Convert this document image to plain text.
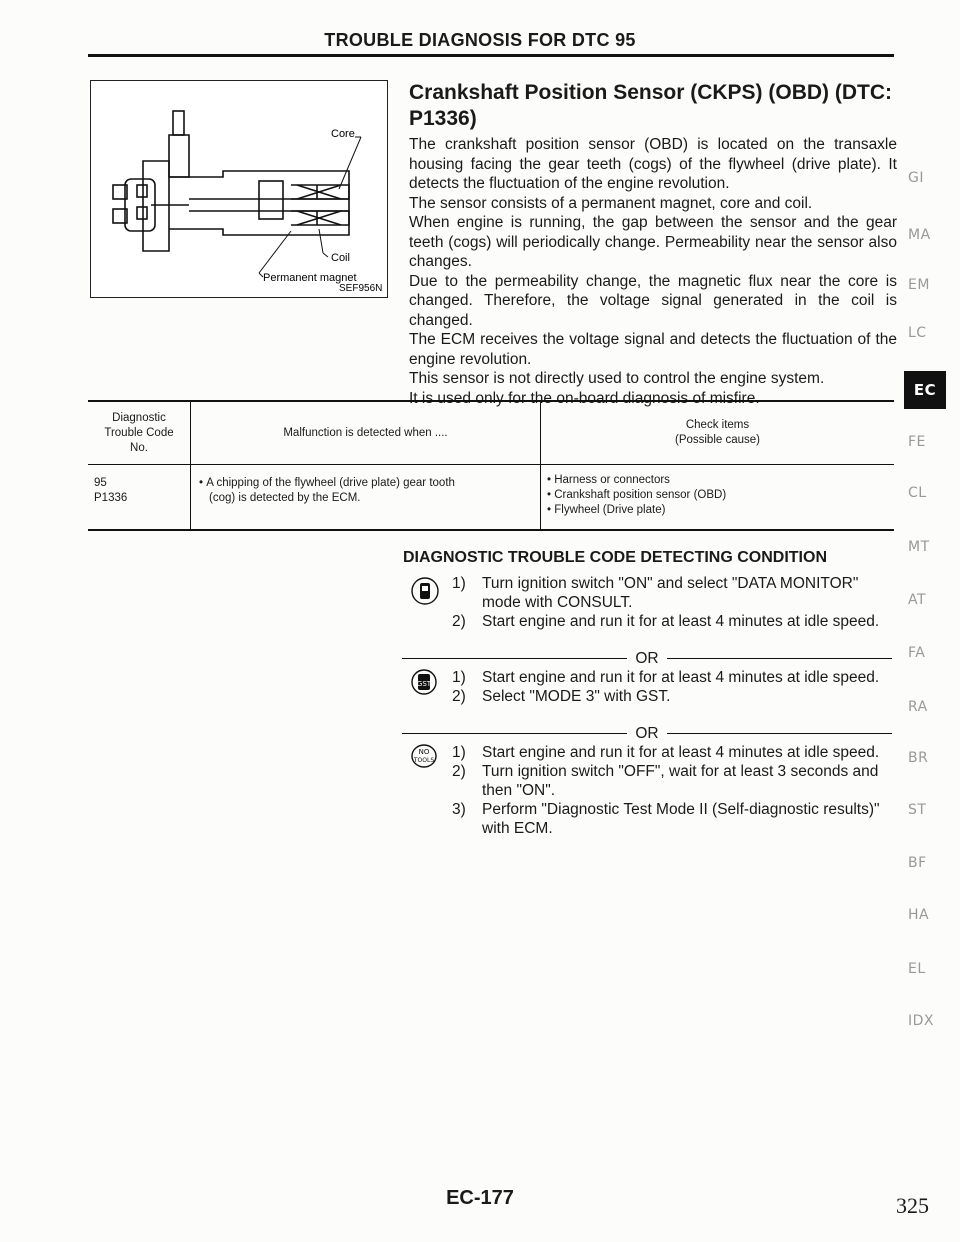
TROUBLE DIAGNOSIS FOR DTC 95
Core
Coil
Permanent magnet
SEF956N
Crankshaft Position Sensor (CKPS) (OBD) (DTC: P1336)

The crankshaft position sensor (OBD) is located on the transaxle housing facing the gear teeth (cogs) of the flywheel (drive plate). It detects the fluctuation of the engine revolution.

The sensor consists of a permanent magnet, core and coil.

When engine is running, the gap between the sensor and the gear teeth (cogs) will periodically change. Permeability near the sensor also changes.

Due to the permeability change, the magnetic flux near the core is changed. Therefore, the voltage signal generated in the coil is changed.

The ECM receives the voltage signal and detects the fluctuation of the engine revolution.

This sensor is not directly used to control the engine system.

It is used only for the on-board diagnosis of misfire.

Diagnostic
Trouble Code
No.
Malfunction is detected when ....
Check items
(Possible cause)
95
P1336
• A chipping of the flywheel (drive plate) gear tooth
(cog) is detected by the ECM.
• Harness or connectors
• Crankshaft position sensor (OBD)
• Flywheel (Drive plate)
DIAGNOSTIC TROUBLE CODE DETECTING CONDITION
1) Turn ignition switch "ON" and select "DATA MONITOR" mode with CONSULT.
2) Start engine and run it for at least 4 minutes at idle speed.
OR
GST 1) Start engine and run it for at least 4 minutes at idle speed.
2) Select "MODE 3" with GST.
OR
NO
TOOLS 1) Start engine and run it for at least 4 minutes at idle speed.
2) Turn ignition switch "OFF", wait for at least 3 seconds and then "ON".
3) Perform "Diagnostic Test Mode II (Self-diagnostic results)" with ECM.
GI
MA
EM
LC
EC
FE
CL
MT
AT
FA
RA
BR
ST
BF
HA
EL
IDX
EC-177	325
